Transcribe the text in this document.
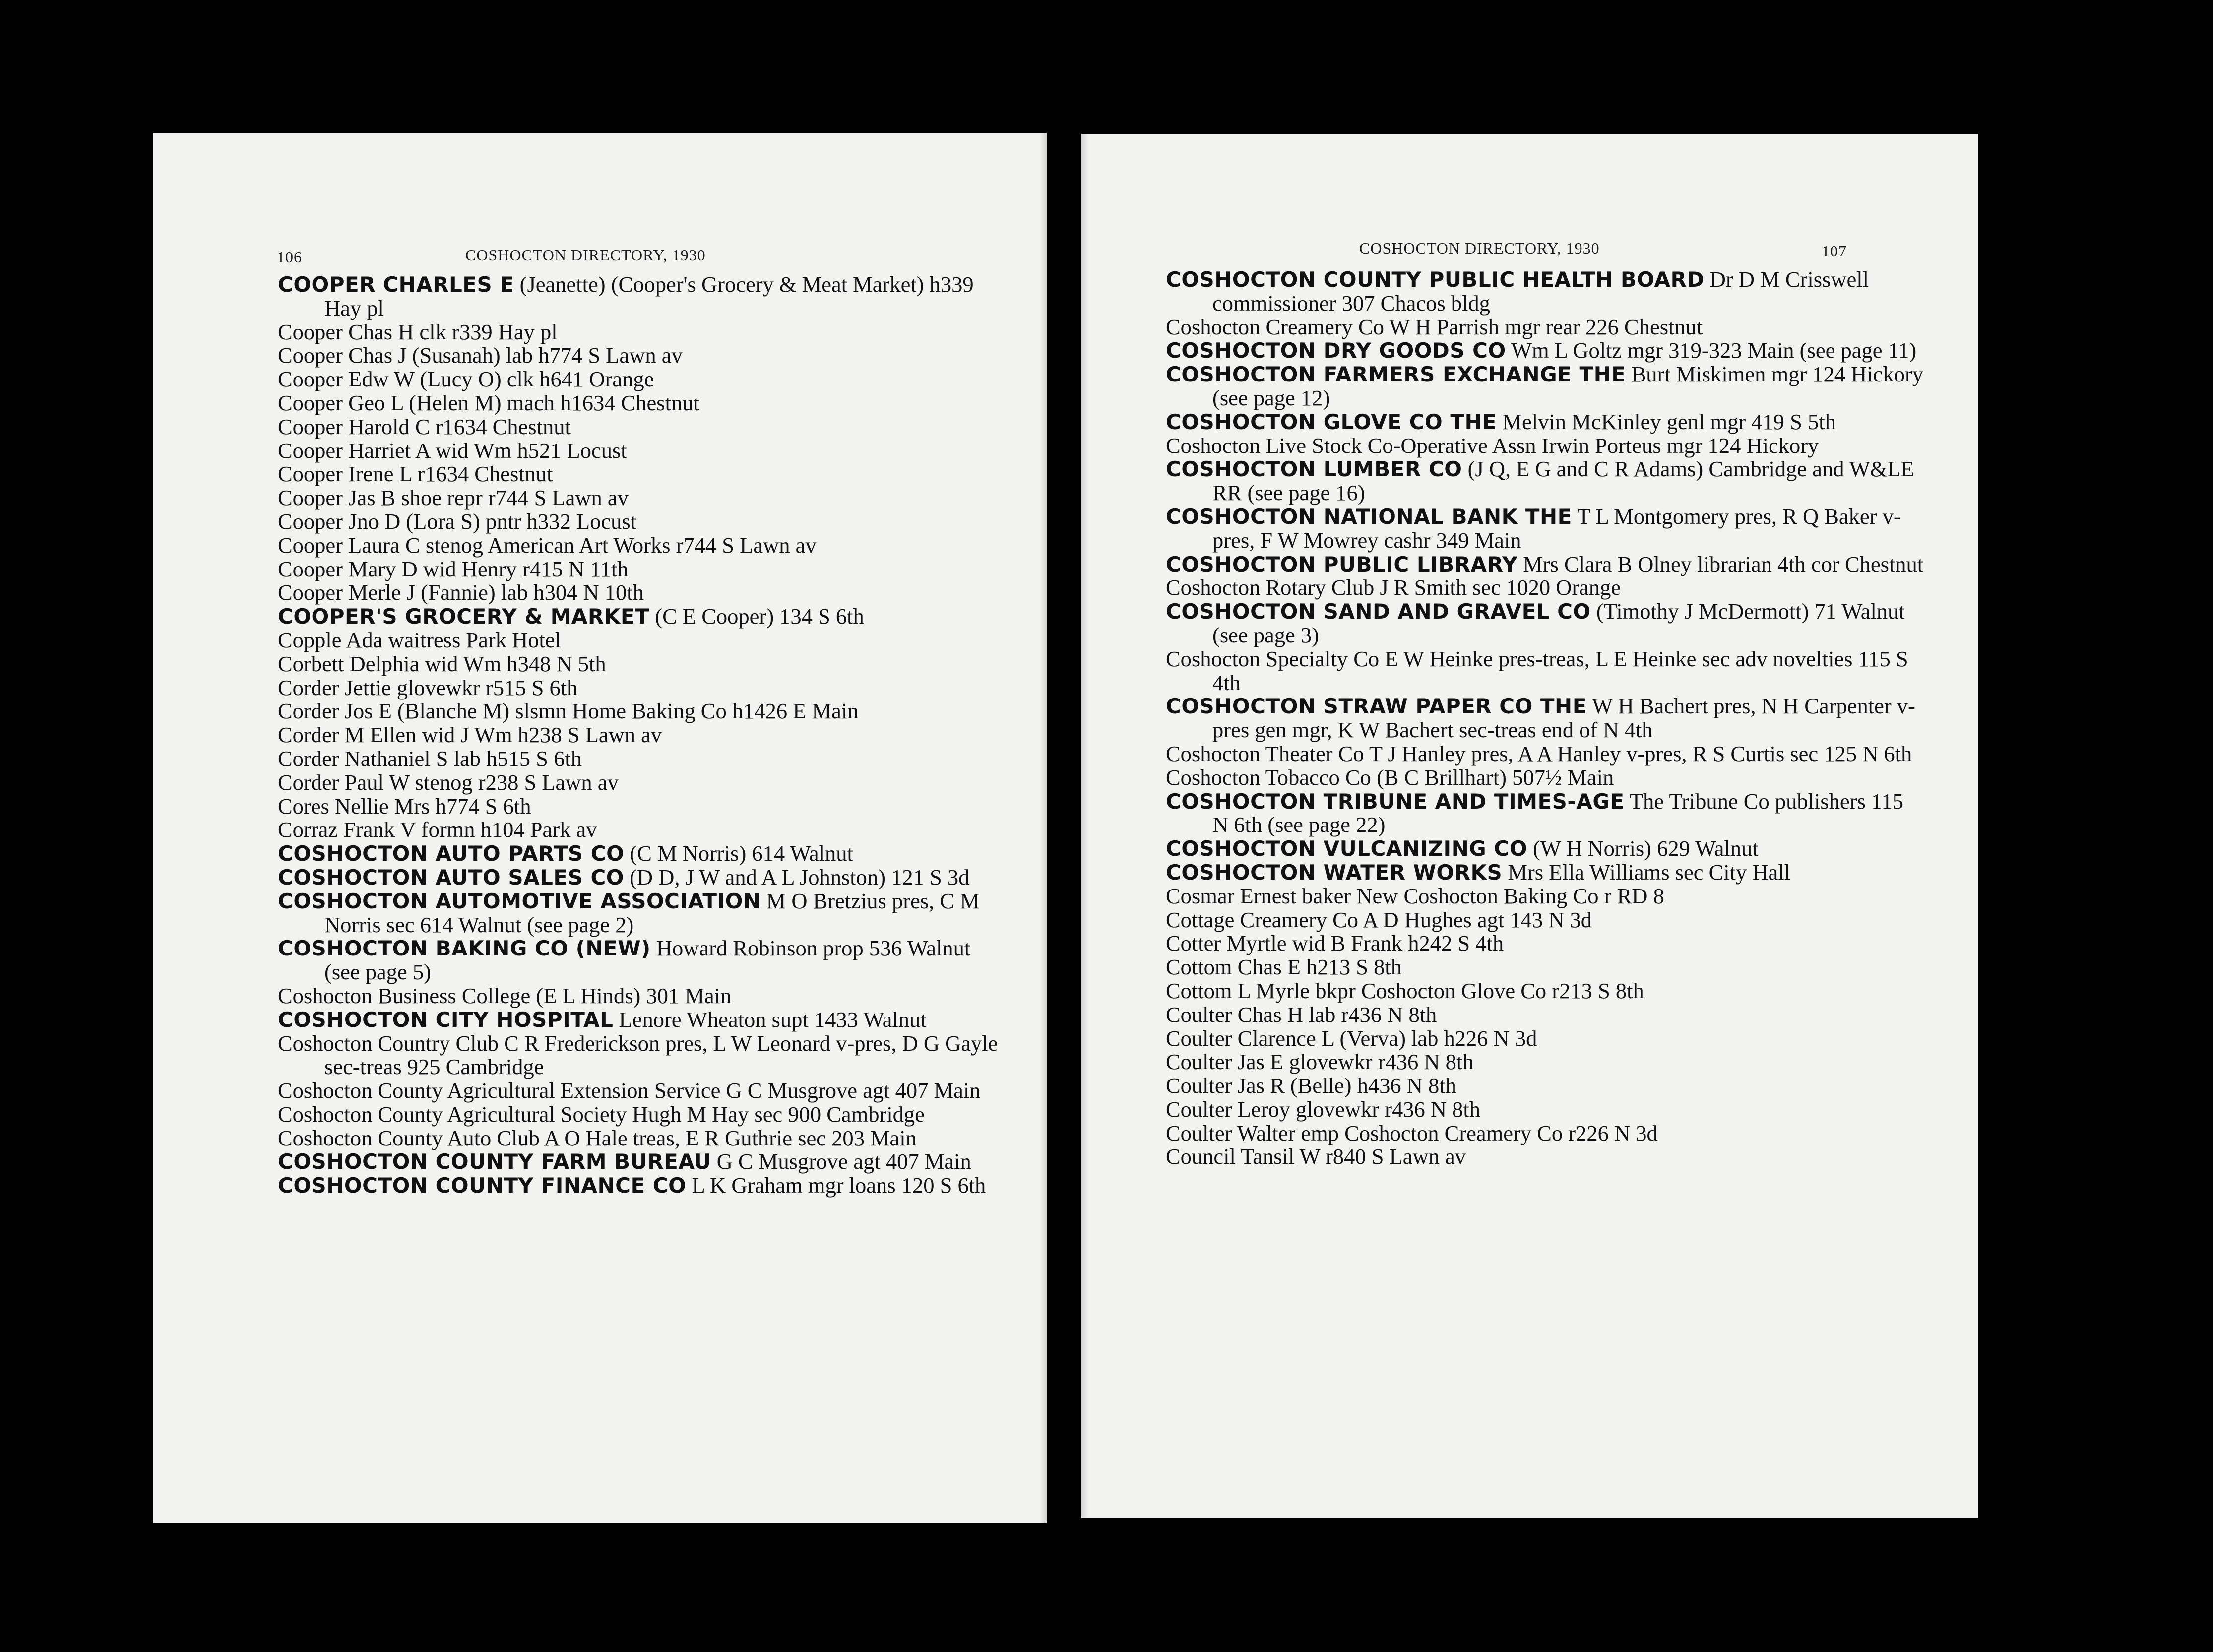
106	COSHOCTON DIRECTORY, 1930

COOPER CHARLES E (Jeanette) (Cooper's Grocery & Meat Market) h339 Hay pl

Cooper Chas H clk r339 Hay pl

Cooper Chas J (Susanah) lab h774 S Lawn av

Cooper Edw W (Lucy O) clk h641 Orange

Cooper Geo L (Helen M) mach h1634 Chestnut

Cooper Harold C r1634 Chestnut

Cooper Harriet A wid Wm h521 Locust

Cooper Irene L r1634 Chestnut

Cooper Jas B shoe repr r744 S Lawn av

Cooper Jno D (Lora S) pntr h332 Locust

Cooper Laura C stenog American Art Works r744 S Lawn av

Cooper Mary D wid Henry r415 N 11th

Cooper Merle J (Fannie) lab h304 N 10th

COOPER'S GROCERY & MARKET (C E Cooper) 134 S 6th

Copple Ada waitress Park Hotel

Corbett Delphia wid Wm h348 N 5th

Corder Jettie glovewkr r515 S 6th

Corder Jos E (Blanche M) slsmn Home Baking Co h1426 E Main

Corder M Ellen wid J Wm h238 S Lawn av

Corder Nathaniel S lab h515 S 6th

Corder Paul W stenog r238 S Lawn av

Cores Nellie Mrs h774 S 6th

Corraz Frank V formn h104 Park av

COSHOCTON AUTO PARTS CO (C M Norris) 614 Walnut

COSHOCTON AUTO SALES CO (D D, J W and A L Johnston) 121 S 3d

COSHOCTON AUTOMOTIVE ASSOCIATION M O Bretzius pres, C M Norris sec 614 Walnut (see page 2)

COSHOCTON BAKING CO (NEW) Howard Robinson prop 536 Walnut (see page 5)

Coshocton Business College (E L Hinds) 301 Main

COSHOCTON CITY HOSPITAL Lenore Wheaton supt 1433 Walnut

Coshocton Country Club C R Frederickson pres, L W Leonard v-pres, D G Gayle sec-treas 925 Cambridge

Coshocton County Agricultural Extension Service G C Musgrove agt 407 Main

Coshocton County Agricultural Society Hugh M Hay sec 900 Cambridge

Coshocton County Auto Club A O Hale treas, E R Guthrie sec 203 Main

COSHOCTON COUNTY FARM BUREAU G C Musgrove agt 407 Main

COSHOCTON COUNTY FINANCE CO L K Graham mgr loans 120 S 6th

COSHOCTON DIRECTORY, 1930	107

COSHOCTON COUNTY PUBLIC HEALTH BOARD Dr D M Crisswell commissioner 307 Chacos bldg

Coshocton Creamery Co W H Parrish mgr rear 226 Chestnut

COSHOCTON DRY GOODS CO Wm L Goltz mgr 319-323 Main (see page 11)

COSHOCTON FARMERS EXCHANGE THE Burt Miskimen mgr 124 Hickory (see page 12)

COSHOCTON GLOVE CO THE Melvin McKinley genl mgr 419 S 5th

Coshocton Live Stock Co-Operative Assn Irwin Porteus mgr 124 Hickory

COSHOCTON LUMBER CO (J Q, E G and C R Adams) Cambridge and W&LE RR (see page 16)

COSHOCTON NATIONAL BANK THE T L Montgomery pres, R Q Baker v-pres, F W Mowrey cashr 349 Main

COSHOCTON PUBLIC LIBRARY Mrs Clara B Olney librarian 4th cor Chestnut

Coshocton Rotary Club J R Smith sec 1020 Orange

COSHOCTON SAND AND GRAVEL CO (Timothy J McDermott) 71 Walnut (see page 3)

Coshocton Specialty Co E W Heinke pres-treas, L E Heinke sec adv novelties 115 S 4th

COSHOCTON STRAW PAPER CO THE W H Bachert pres, N H Carpenter v-pres gen mgr, K W Bachert sec-treas end of N 4th

Coshocton Theater Co T J Hanley pres, A A Hanley v-pres, R S Curtis sec 125 N 6th

Coshocton Tobacco Co (B C Brillhart) 507½ Main

COSHOCTON TRIBUNE AND TIMES-AGE The Tribune Co publishers 115 N 6th (see page 22)

COSHOCTON VULCANIZING CO (W H Norris) 629 Walnut

COSHOCTON WATER WORKS Mrs Ella Williams sec City Hall

Cosmar Ernest baker New Coshocton Baking Co r RD 8

Cottage Creamery Co A D Hughes agt 143 N 3d

Cotter Myrtle wid B Frank h242 S 4th

Cottom Chas E h213 S 8th

Cottom L Myrle bkpr Coshocton Glove Co r213 S 8th

Coulter Chas H lab r436 N 8th

Coulter Clarence L (Verva) lab h226 N 3d

Coulter Jas E glovewkr r436 N 8th

Coulter Jas R (Belle) h436 N 8th

Coulter Leroy glovewkr r436 N 8th

Coulter Walter emp Coshocton Creamery Co r226 N 3d

Council Tansil W r840 S Lawn av
